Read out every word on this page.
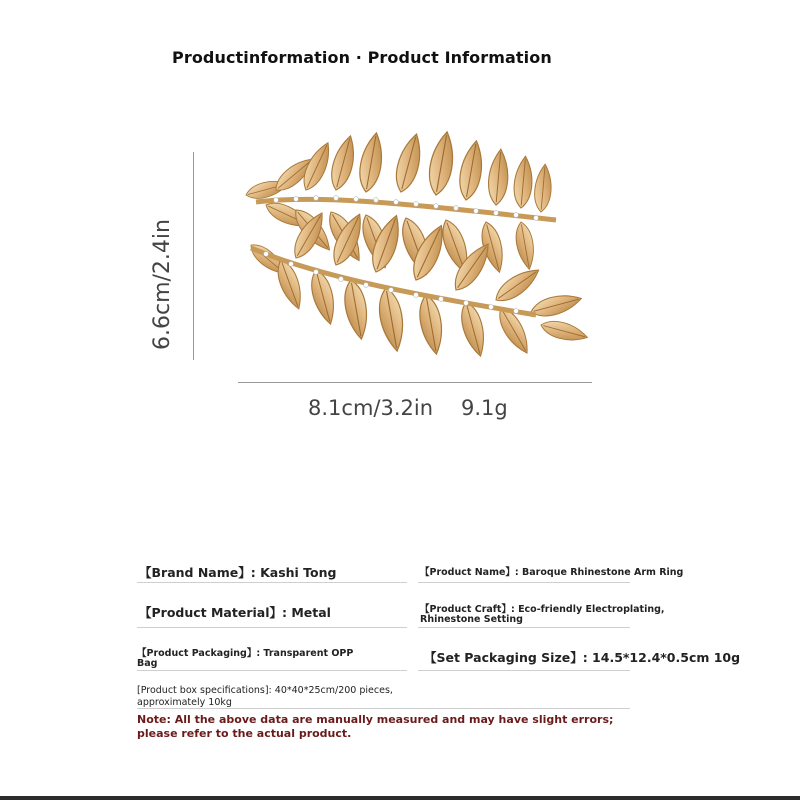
Productinformation · Product Information
6.6cm/2.4in
8.1cm/3.2in 9.1g
【Brand Name】: Kashi Tong	【Product Name】: Baroque Rhinestone Arm Ring
【Product Material】: Metal	【Product Craft】: Eco-friendly Electroplating,
Rhinestone Setting
【Product Packaging】: Transparent OPP
Bag	【Set Packaging Size】: 14.5*12.4*0.5cm 10g
[Product box specifications]: 40*40*25cm/200 pieces,
approximately 10kg
Note: All the above data are manually measured and may have slight errors;
please refer to the actual product.
